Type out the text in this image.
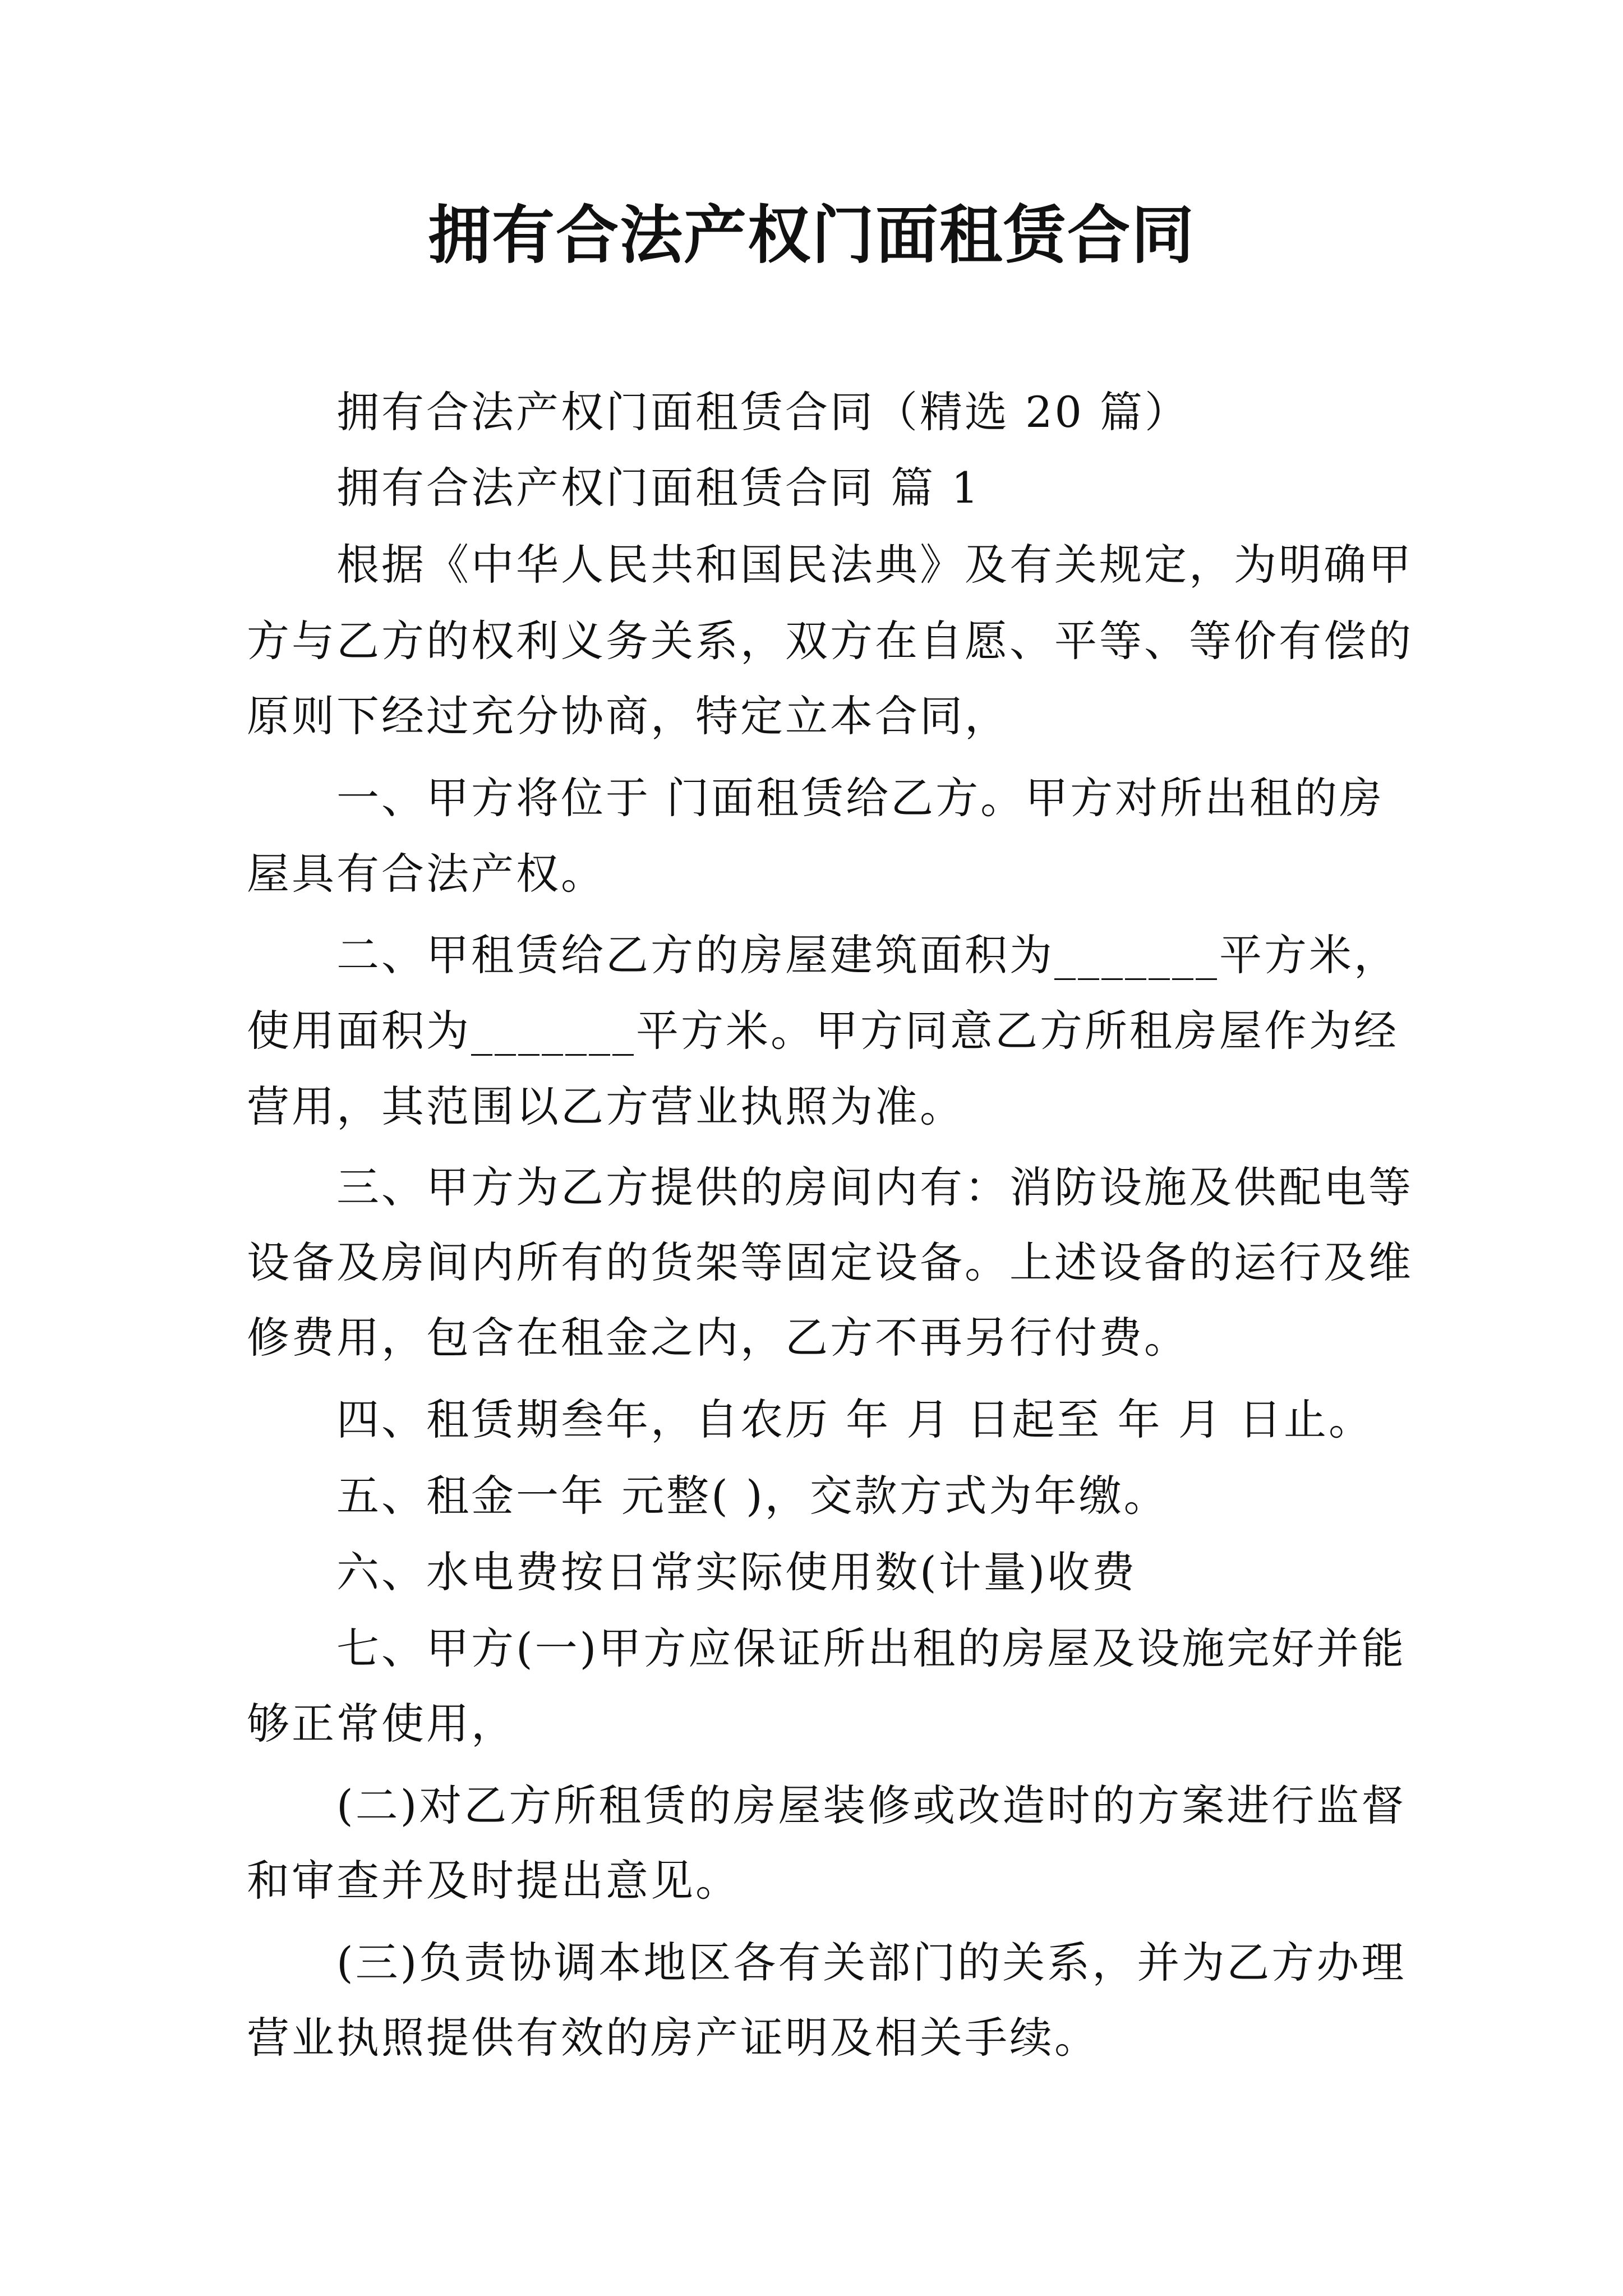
拥有合法产权门面租赁合同
拥有合法产权门面租赁合同（精选 20 篇）
拥有合法产权门面租赁合同 篇 1
根据《中华人民共和国民法典》及有关规定，为明确甲
方与乙方的权利义务关系，双方在自愿、平等、等价有偿的
原则下经过充分协商，特定立本合同，
一、甲方将位于 门面租赁给乙方。甲方对所出租的房
屋具有合法产权。
二、甲租赁给乙方的房屋建筑面积为_______平方米，
使用面积为_______平方米。甲方同意乙方所租房屋作为经
营用，其范围以乙方营业执照为准。
三、甲方为乙方提供的房间内有：消防设施及供配电等
设备及房间内所有的货架等固定设备。上述设备的运行及维
修费用，包含在租金之内，乙方不再另行付费。
四、租赁期叁年，自农历 年 月 日起至 年 月 日止。
五、租金一年 元整( )，交款方式为年缴。
六、水电费按日常实际使用数(计量)收费
七、甲方(一)甲方应保证所出租的房屋及设施完好并能
够正常使用，
(二)对乙方所租赁的房屋装修或改造时的方案进行监督
和审查并及时提出意见。
(三)负责协调本地区各有关部门的关系，并为乙方办理
营业执照提供有效的房产证明及相关手续。
